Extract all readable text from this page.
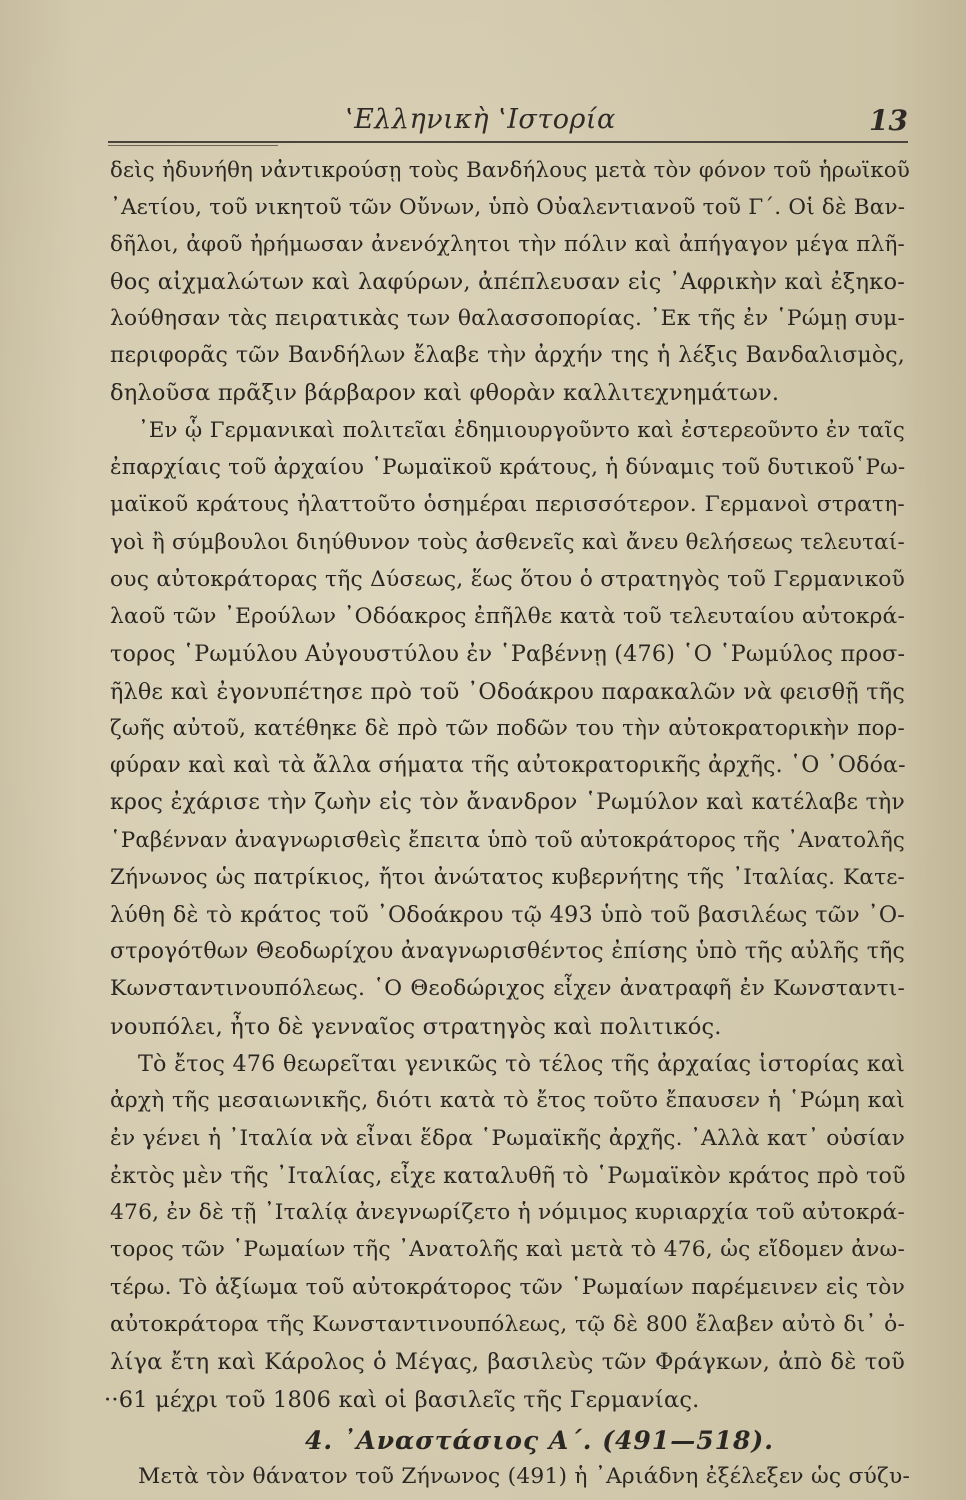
‛Ελληνικὴ ‛Ιστορία	13
δεὶς ἠδυνήθη νἀντικρούσῃ τοὺς Βανδήλους μετὰ τὸν φόνον τοῦ ἡρωϊκοῦ
᾿Αετίου, τοῦ νικητοῦ τῶν Οὔνων, ὑπὸ Οὐαλεντιανοῦ τοῦ Γ΄. Οἱ δὲ Βαν-
δῆλοι, ἀφοῦ ἠρήμωσαν ἀνενόχλητοι τὴν πόλιν καὶ ἀπήγαγον μέγα πλῆ-
θος αἰχμαλώτων καὶ λαφύρων, ἀπέπλευσαν εἰς ᾿Αφρικὴν καὶ ἐξηκο-
λούθησαν τὰς πειρατικὰς των θαλασσοπορίας. ᾿Εκ τῆς ἐν ῾Ρώμῃ συμ-
περιφορᾶς τῶν Βανδήλων ἔλαβε τὴν ἀρχήν της ἡ λέξις Βανδαλισμὸς,
δηλοῦσα πρᾶξιν βάρβαρον καὶ φθορὰν καλλιτεχνημάτων.
᾿Εν ᾧ Γερμανικαὶ πολιτεῖαι ἐδημιουργοῦντο καὶ ἐστερεοῦντο ἐν ταῖς
ἐπαρχίαις τοῦ ἀρχαίου ῾Ρωμαϊκοῦ κράτους, ἡ δύναμις τοῦ δυτικοῦ῾Ρω-
μαϊκοῦ κράτους ἠλαττοῦτο ὁσημέραι περισσότερον. Γερμανοὶ στρατη-
γοὶ ἢ σύμβουλοι διηύθυνον τοὺς ἀσθενεῖς καὶ ἄνευ θελήσεως τελευταί-
ους αὐτοκράτορας τῆς Δύσεως, ἕως ὅτου ὁ στρατηγὸς τοῦ Γερμανικοῦ
λαοῦ τῶν ᾿Ερούλων ᾿Οδόακρος ἐπῆλθε κατὰ τοῦ τελευταίου αὐτοκρά-
τορος ῾Ρωμύλου Αὐγουστύλου ἐν ῾Ραβέννῃ (476) ῾Ο ῾Ρωμύλος προσ-
ῆλθε καὶ ἐγονυπέτησε πρὸ τοῦ ᾿Οδοάκρου παρακαλῶν νὰ φεισθῇ τῆς
ζωῆς αὐτοῦ, κατέθηκε δὲ πρὸ τῶν ποδῶν του τὴν αὐτοκρατορικὴν πορ-
φύραν καὶ καὶ τὰ ἄλλα σήματα τῆς αὐτοκρατορικῆς ἀρχῆς. ῾Ο ᾿Οδόα-
κρος ἐχάρισε τὴν ζωὴν εἰς τὸν ἄνανδρον ῾Ρωμύλον καὶ κατέλαβε τὴν
῾Ραβένναν ἀναγνωρισθεὶς ἔπειτα ὑπὸ τοῦ αὐτοκράτορος τῆς ᾿Ανατολῆς
Ζήνωνος ὡς πατρίκιος, ἤτοι ἀνώτατος κυβερνήτης τῆς ᾿Ιταλίας. Κατε-
λύθη δὲ τὸ κράτος τοῦ ᾿Οδοάκρου τῷ 493 ὑπὸ τοῦ βασιλέως τῶν ᾿Ο-
στρογότθων Θεοδωρίχου ἀναγνωρισθέντος ἐπίσης ὑπὸ τῆς αὐλῆς τῆς
Κωνσταντινουπόλεως. ῾Ο Θεοδώριχος εἶχεν ἀνατραφῆ ἐν Κωνσταντι-
νουπόλει, ἦτο δὲ γενναῖος στρατηγὸς καὶ πολιτικός.
Τὸ ἔτος 476 θεωρεῖται γενικῶς τὸ τέλος τῆς ἀρχαίας ἱστορίας καὶ
ἀρχὴ τῆς μεσαιωνικῆς, διότι κατὰ τὸ ἔτος τοῦτο ἔπαυσεν ἡ ῾Ρώμη καὶ
ἐν γένει ἡ ᾿Ιταλία νὰ εἶναι ἕδρα ῾Ρωμαϊκῆς ἀρχῆς. ᾿Αλλὰ κατ᾿ οὐσίαν
ἐκτὸς μὲν τῆς ᾿Ιταλίας, εἶχε καταλυθῆ τὸ ῾Ρωμαϊκὸν κράτος πρὸ τοῦ
476, ἐν δὲ τῇ ᾿Ιταλίᾳ ἀνεγνωρίζετο ἡ νόμιμος κυριαρχία τοῦ αὐτοκρά-
τορος τῶν ῾Ρωμαίων τῆς ᾿Ανατολῆς καὶ μετὰ τὸ 476, ὡς εἴδομεν ἀνω-
τέρω. Τὸ ἀξίωμα τοῦ αὐτοκράτορος τῶν ῾Ρωμαίων παρέμεινεν εἰς τὸν
αὐτοκράτορα τῆς Κωνσταντινουπόλεως, τῷ δὲ 800 ἔλαβεν αὐτὸ δι᾿ ὀ-
λίγα ἔτη καὶ Κάρολος ὁ Μέγας, βασιλεὺς τῶν Φράγκων, ἀπὸ δὲ τοῦ
··61 μέχρι τοῦ 1806 καὶ οἱ βασιλεῖς τῆς Γερμανίας.
4. ᾿Αναστάσιος Α΄. (491—518).
Μετὰ τὸν θάνατον τοῦ Ζήνωνος (491) ἡ ᾿Αριάδνη ἐξέλεξεν ὡς σύζυ-
